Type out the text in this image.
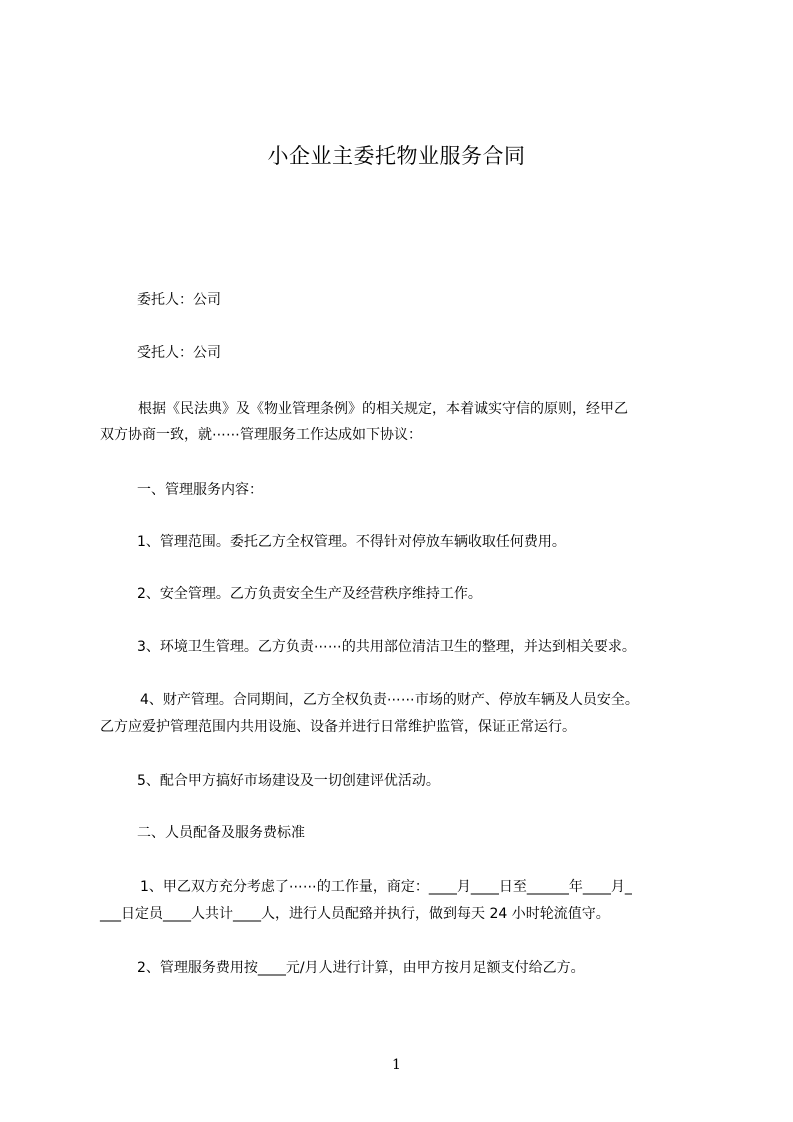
小企业主委托物业服务合同
委托人：公司
受托人：公司
根据《民法典》及《物业管理条例》的相关规定，本着诚实守信的原则，经甲乙
双方协商一致，就⋯⋯管理服务工作达成如下协议：
一、管理服务内容：
1、管理范围。委托乙方全权管理。不得针对停放车辆收取任何费用。
2、安全管理。乙方负责安全生产及经营秩序维持工作。
3、环境卫生管理。乙方负责⋯⋯的共用部位清洁卫生的整理，并达到相关要求。
4、财产管理。合同期间，乙方全权负责⋯⋯市场的财产、停放车辆及人员安全。
乙方应爱护管理范围内共用设施、设备并进行日常维护监管，保证正常运行。
5、配合甲方搞好市场建设及一切创建评优活动。
二、人员配备及服务费标准
1、甲乙双方充分考虑了⋯⋯的工作量，商定：____月____日至______年____月_
___日定员____人共计____人，进行人员配臵并执行，做到每天 24 小时轮流值守。
2、管理服务费用按____元/月人进行计算，由甲方按月足额支付给乙方。
1
